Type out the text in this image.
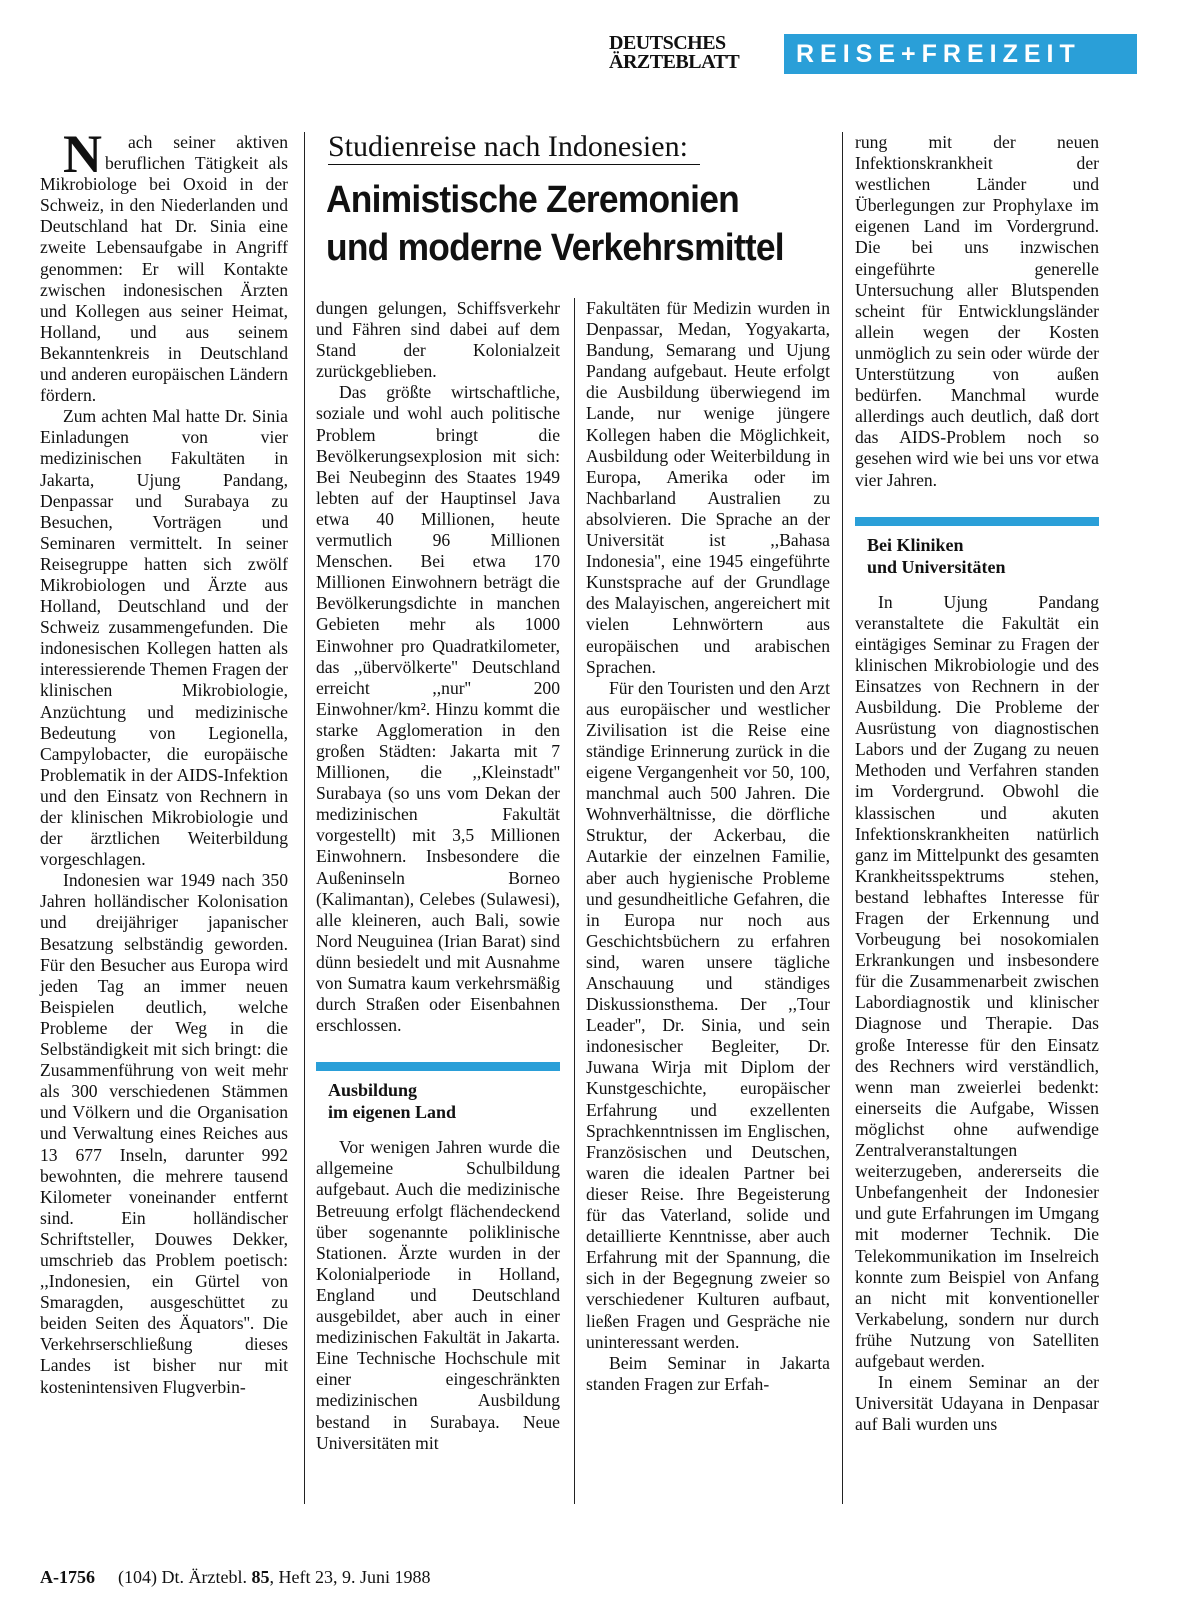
DEUTSCHES
ÄRZTEBLATT	REISE+FREIZEIT

Nach seiner aktiven beruflichen Tätigkeit als Mikrobiologe bei Oxoid in der Schweiz, in den Niederlanden und Deutschland hat Dr. Sinia eine zweite Lebensaufgabe in Angriff genommen: Er will Kontakte zwischen indonesischen Ärzten und Kollegen aus seiner Heimat, Holland, und aus seinem Bekanntenkreis in Deutschland und anderen europäischen Ländern fördern.

Zum achten Mal hatte Dr. Sinia Einladungen von vier medizinischen Fakultäten in Jakarta, Ujung Pandang, Denpassar und Surabaya zu Besuchen, Vorträgen und Seminaren vermittelt. In seiner Reisegruppe hatten sich zwölf Mikrobiologen und Ärzte aus Holland, Deutschland und der Schweiz zusammengefunden. Die indonesischen Kollegen hatten als interessierende Themen Fragen der klinischen Mikrobiologie, Anzüchtung und medizinische Bedeutung von Legionella, Campylobacter, die europäische Problematik in der AIDS-Infektion und den Einsatz von Rechnern in der klinischen Mikrobiologie und der ärztlichen Weiterbildung vorgeschlagen.

Indonesien war 1949 nach 350 Jahren holländischer Kolonisation und dreijähriger japanischer Besatzung selbständig geworden. Für den Besucher aus Europa wird jeden Tag an immer neuen Beispielen deutlich, welche Probleme der Weg in die Selbständigkeit mit sich bringt: die Zusammenführung von weit mehr als 300 verschiedenen Stämmen und Völkern und die Organisation und Verwaltung eines Reiches aus 13 677 Inseln, darunter 992 bewohnten, die mehrere tausend Kilometer voneinander entfernt sind. Ein holländischer Schriftsteller, Douwes Dekker, umschrieb das Problem poetisch: ,,Indonesien, ein Gürtel von Smaragden, ausgeschüttet zu beiden Seiten des Äquators''. Die Verkehrserschließung dieses Landes ist bisher nur mit kostenintensiven Flugverbin-

Studienreise nach Indonesien:
Animistische Zeremonien
und moderne Verkehrsmittel

dungen gelungen, Schiffsverkehr und Fähren sind dabei auf dem Stand der Kolonialzeit zurückgeblieben.

Das größte wirtschaftliche, soziale und wohl auch politische Problem bringt die Bevölkerungsexplosion mit sich: Bei Neubeginn des Staates 1949 lebten auf der Hauptinsel Java etwa 40 Millionen, heute vermutlich 96 Millionen Menschen. Bei etwa 170 Millionen Einwohnern beträgt die Bevölkerungsdichte in manchen Gebieten mehr als 1000 Einwohner pro Quadratkilometer, das ,,übervölkerte'' Deutschland erreicht ,,nur'' 200 Einwohner/km². Hinzu kommt die starke Agglomeration in den großen Städten: Jakarta mit 7 Millionen, die ,,Kleinstadt'' Surabaya (so uns vom Dekan der medizinischen Fakultät vorgestellt) mit 3,5 Millionen Einwohnern. Insbesondere die Außeninseln Borneo (Kalimantan), Celebes (Sulawesi), alle kleineren, auch Bali, sowie Nord Neuguinea (Irian Barat) sind dünn besiedelt und mit Ausnahme von Sumatra kaum verkehrsmäßig durch Straßen oder Eisenbahnen erschlossen.

Ausbildung
im eigenen Land

Vor wenigen Jahren wurde die allgemeine Schulbildung aufgebaut. Auch die medizinische Betreuung erfolgt flächendeckend über sogenannte poliklinische Stationen. Ärzte wurden in der Kolonialperiode in Holland, England und Deutschland ausgebildet, aber auch in einer medizinischen Fakultät in Jakarta. Eine Technische Hochschule mit einer eingeschränkten medizinischen Ausbildung bestand in Surabaya. Neue Universitäten mit

Fakultäten für Medizin wurden in Denpassar, Medan, Yogyakarta, Bandung, Semarang und Ujung Pandang aufgebaut. Heute erfolgt die Ausbildung überwiegend im Lande, nur wenige jüngere Kollegen haben die Möglichkeit, Ausbildung oder Weiterbildung in Europa, Amerika oder im Nachbarland Australien zu absolvieren. Die Sprache an der Universität ist ,,Bahasa Indonesia'', eine 1945 eingeführte Kunstsprache auf der Grundlage des Malayischen, angereichert mit vielen Lehnwörtern aus europäischen und arabischen Sprachen.

Für den Touristen und den Arzt aus europäischer und westlicher Zivilisation ist die Reise eine ständige Erinnerung zurück in die eigene Vergangenheit vor 50, 100, manchmal auch 500 Jahren. Die Wohnverhältnisse, die dörfliche Struktur, der Ackerbau, die Autarkie der einzelnen Familie, aber auch hygienische Probleme und gesundheitliche Gefahren, die in Europa nur noch aus Geschichtsbüchern zu erfahren sind, waren unsere tägliche Anschauung und ständiges Diskussionsthema. Der ,,Tour Leader'', Dr. Sinia, und sein indonesischer Begleiter, Dr. Juwana Wirja mit Diplom der Kunstgeschichte, europäischer Erfahrung und exzellenten Sprachkenntnissen im Englischen, Französischen und Deutschen, waren die idealen Partner bei dieser Reise. Ihre Begeisterung für das Vaterland, solide und detaillierte Kenntnisse, aber auch Erfahrung mit der Spannung, die sich in der Begegnung zweier so verschiedener Kulturen aufbaut, ließen Fragen und Gespräche nie uninteressant werden.

Beim Seminar in Jakarta standen Fragen zur Erfah-

rung mit der neuen Infektionskrankheit der westlichen Länder und Überlegungen zur Prophylaxe im eigenen Land im Vordergrund. Die bei uns inzwischen eingeführte generelle Untersuchung aller Blutspenden scheint für Entwicklungsländer allein wegen der Kosten unmöglich zu sein oder würde der Unterstützung von außen bedürfen. Manchmal wurde allerdings auch deutlich, daß dort das AIDS-Problem noch so gesehen wird wie bei uns vor etwa vier Jahren.

Bei Kliniken
und Universitäten

In Ujung Pandang veranstaltete die Fakultät ein eintägiges Seminar zu Fragen der klinischen Mikrobiologie und des Einsatzes von Rechnern in der Ausbildung. Die Probleme der Ausrüstung von diagnostischen Labors und der Zugang zu neuen Methoden und Verfahren standen im Vordergrund. Obwohl die klassischen und akuten Infektionskrankheiten natürlich ganz im Mittelpunkt des gesamten Krankheitsspektrums stehen, bestand lebhaftes Interesse für Fragen der Erkennung und Vorbeugung bei nosokomialen Erkrankungen und insbesondere für die Zusammenarbeit zwischen Labordiagnostik und klinischer Diagnose und Therapie. Das große Interesse für den Einsatz des Rechners wird verständlich, wenn man zweierlei bedenkt: einerseits die Aufgabe, Wissen möglichst ohne aufwendige Zentralveranstaltungen weiterzugeben, andererseits die Unbefangenheit der Indonesier und gute Erfahrungen im Umgang mit moderner Technik. Die Telekommunikation im Inselreich konnte zum Beispiel von Anfang an nicht mit konventioneller Verkabelung, sondern nur durch frühe Nutzung von Satelliten aufgebaut werden.

In einem Seminar an der Universität Udayana in Denpasar auf Bali wurden uns

A-1756 (104) Dt. Ärztebl. 85, Heft 23, 9. Juni 1988
